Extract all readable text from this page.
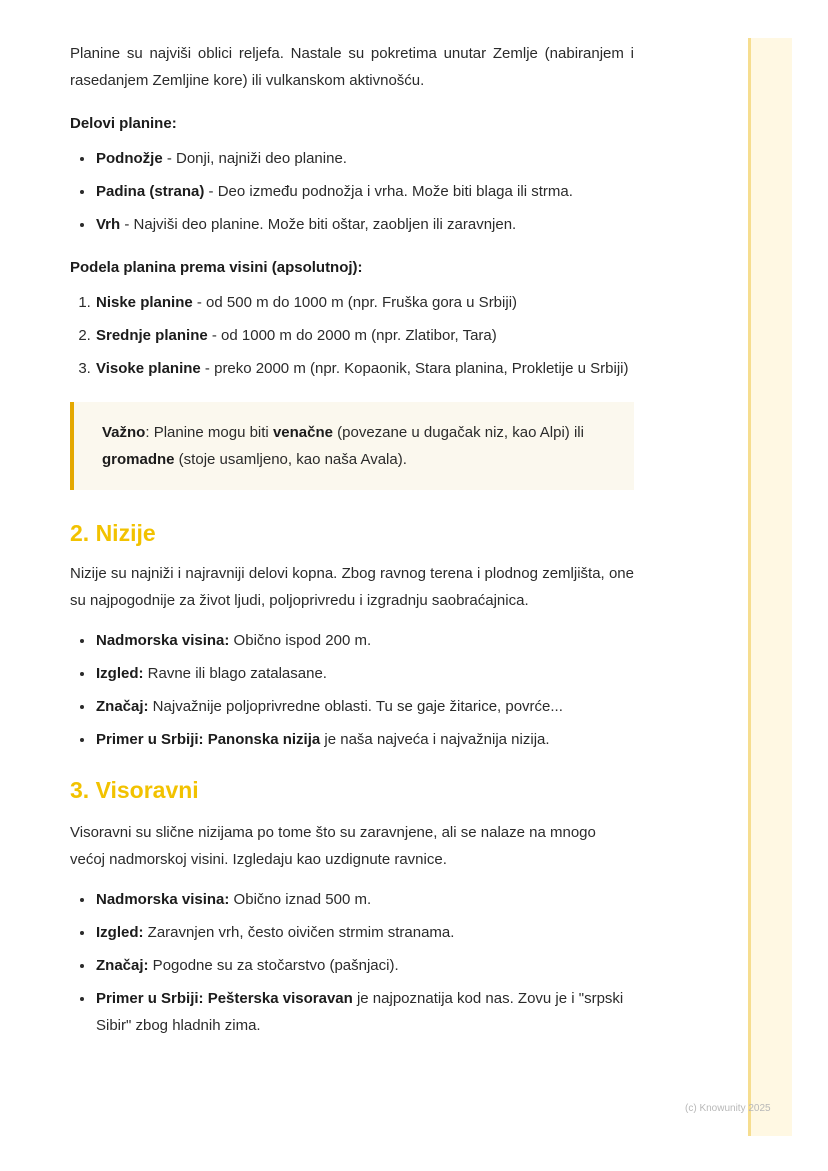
Planine su najviši oblici reljefa. Nastale su pokretima unutar Zemlje (nabiranjem i rasedanjem Zemljine kore) ili vulkanskom aktivnošću.

Delovi planine:

• Podnožje - Donji, najniži deo planine.
• Padina (strana) - Deo između podnožja i vrha. Može biti blaga ili strma.
• Vrh - Najviši deo planine. Može biti oštar, zaobljen ili zaravnjen.

Podela planina prema visini (apsolutnoj):

1. Niske planine - od 500 m do 1000 m (npr. Fruška gora u Srbiji)
2. Srednje planine - od 1000 m do 2000 m (npr. Zlatibor, Tara)
3. Visoke planine - preko 2000 m (npr. Kopaonik, Stara planina, Prokletije u Srbiji)

Važno: Planine mogu biti venačne (povezane u dugačak niz, kao Alpi) ili gromadne (stoje usamljeno, kao naša Avala).

2. Nizije

Nizije su najniži i najravniji delovi kopna. Zbog ravnog terena i plodnog zemljišta, one su najpogodnije za život ljudi, poljoprivredu i izgradnju saobraćajnica.

• Nadmorska visina: Obično ispod 200 m.
• Izgled: Ravne ili blago zatalasane.
• Značaj: Najvažnije poljoprivredne oblasti. Tu se gaje žitarice, povrće...
• Primer u Srbiji: Panonska nizija je naša najveća i najvažnija nizija.
3. Visoravni

Visoravni su slične nizijama po tome što su zaravnjene, ali se nalaze na mnogo većoj nadmorskoj visini. Izgledaju kao uzdignute ravnice.

• Nadmorska visina: Obično iznad 500 m.
• Izgled: Zaravnjen vrh, često oivičen strmim stranama.
• Značaj: Pogodne su za stočarstvo (pašnjaci).
• Primer u Srbiji: Pešterska visoravan je najpoznatija kod nas. Zovu je i "srpski Sibir" zbog hladnih zima.
(c) Knowunity 2025
